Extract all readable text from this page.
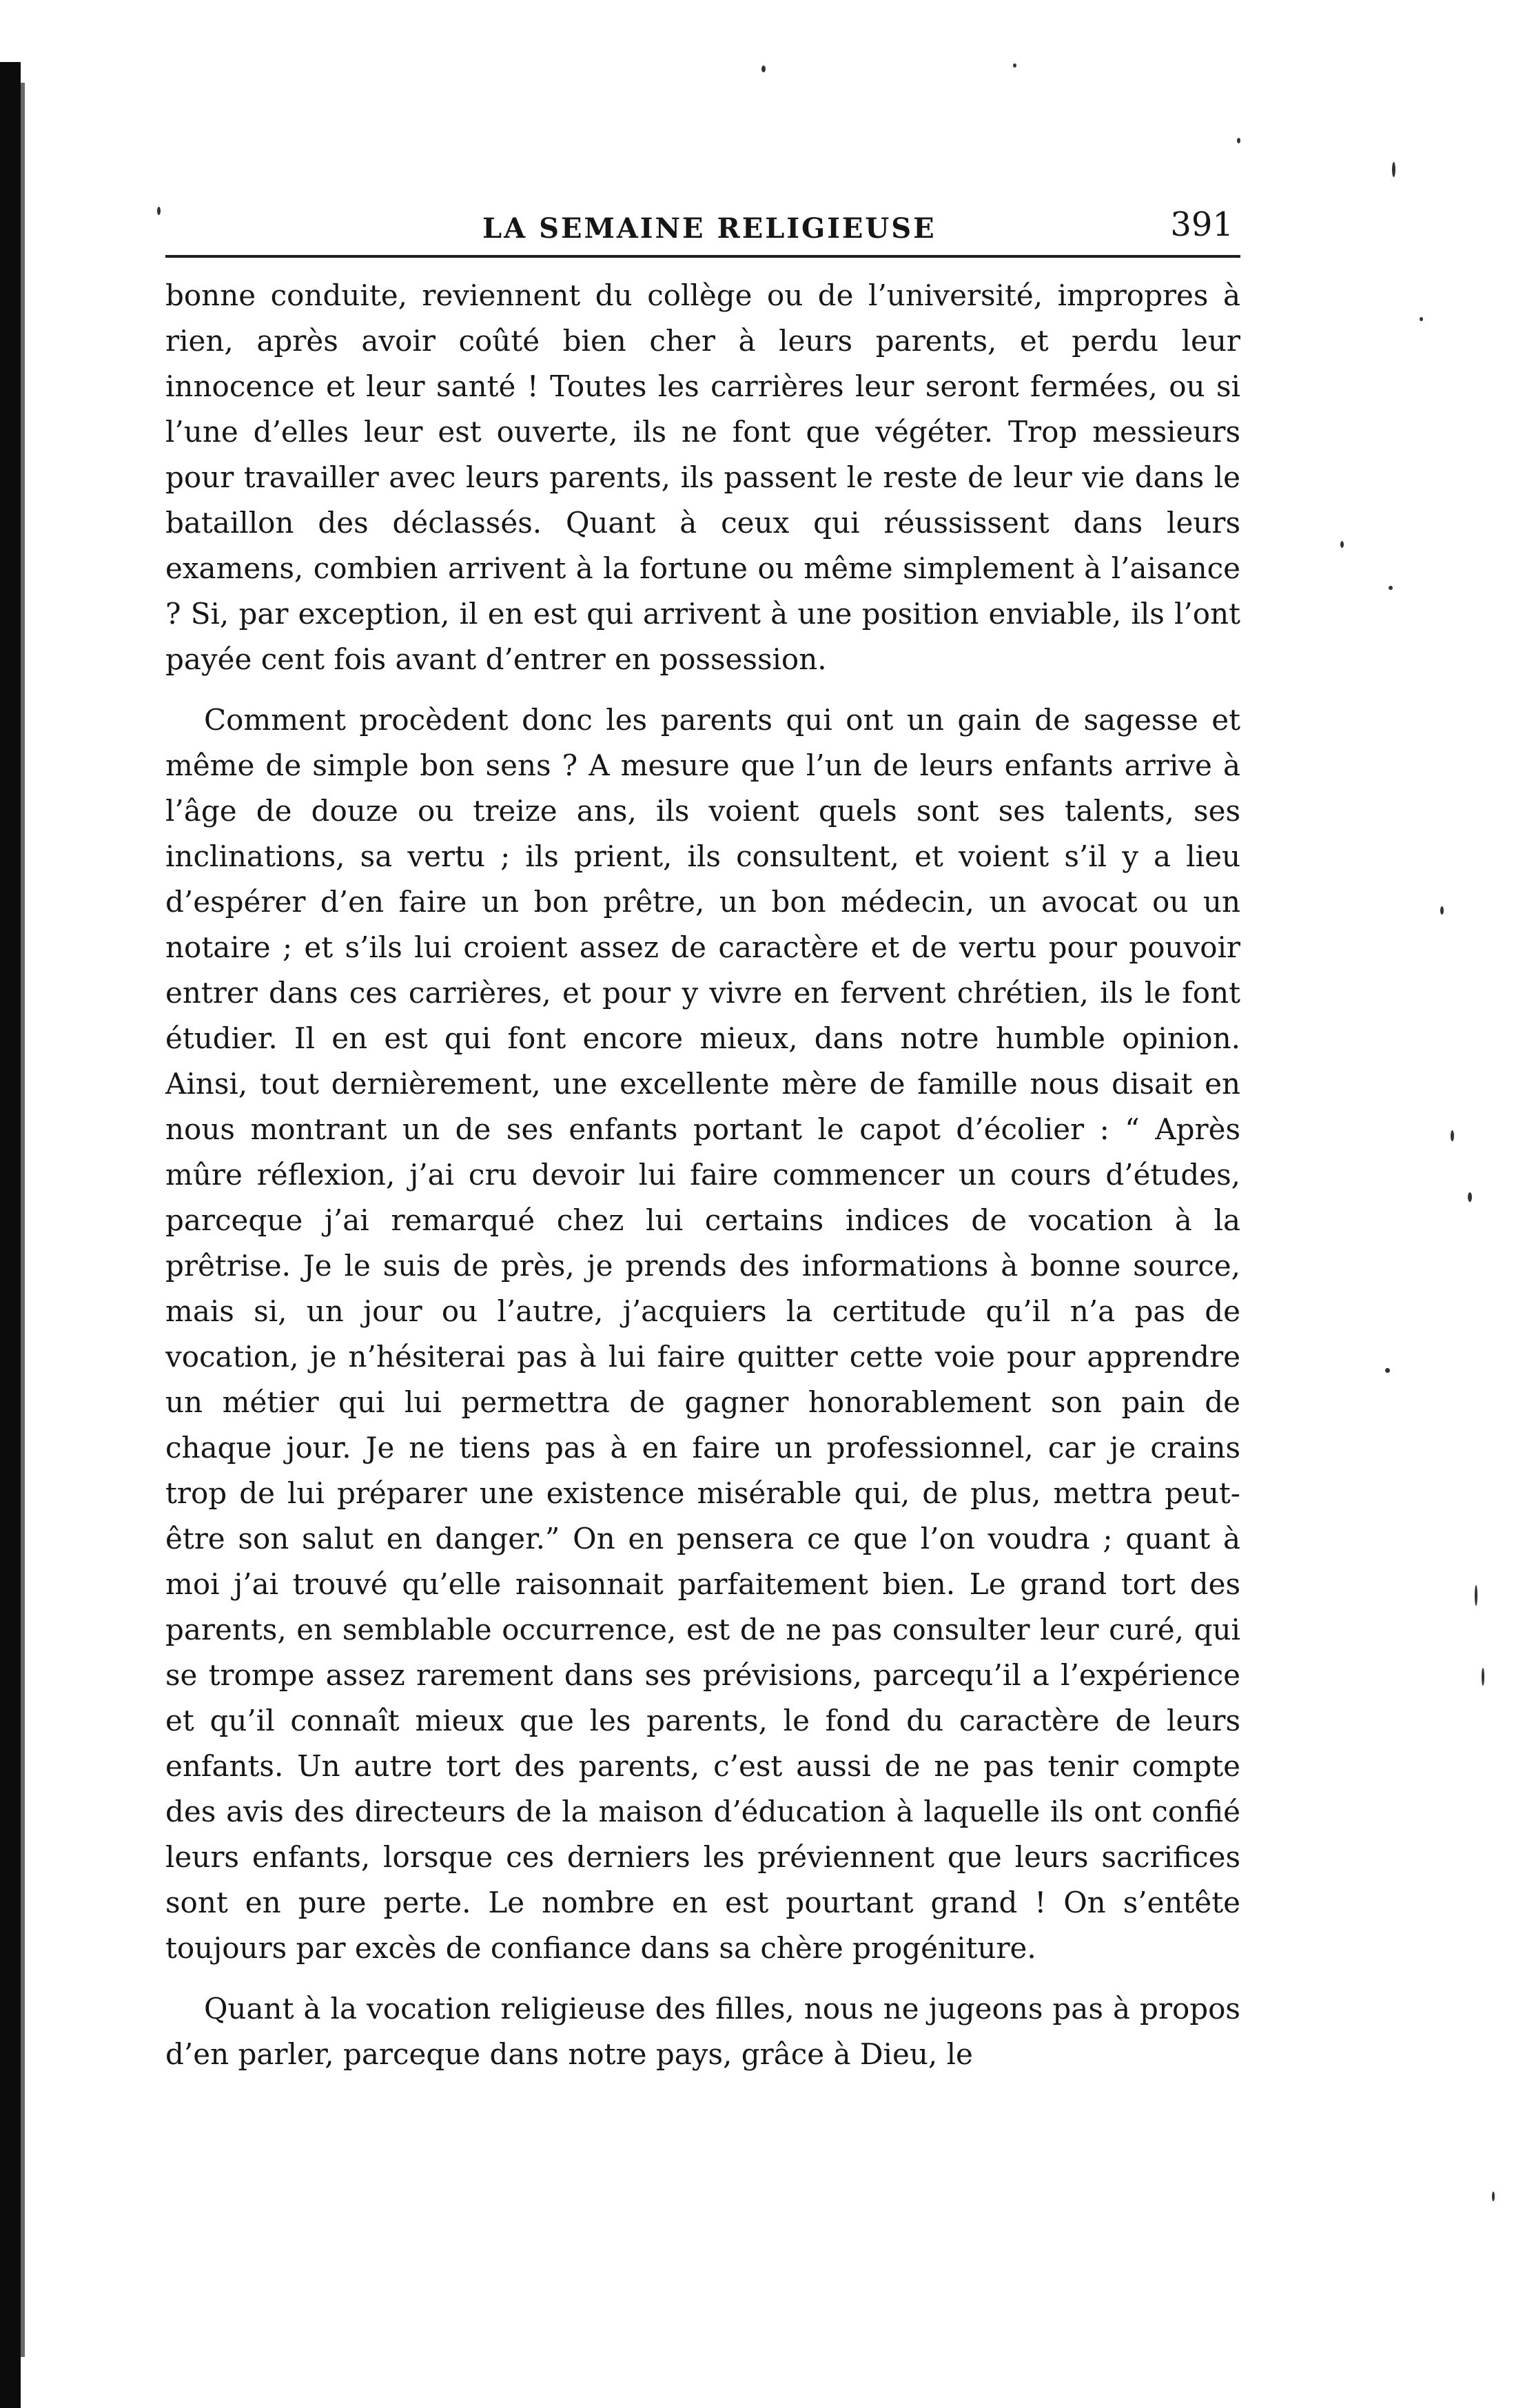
LA SEMAINE RELIGIEUSE	391

bonne conduite, reviennent du collège ou de l’université, impropres à rien, après avoir coûté bien cher à leurs parents, et perdu leur innocence et leur santé ! Toutes les carrières leur seront fermées, ou si l’une d’elles leur est ouverte, ils ne font que végéter. Trop messieurs pour travailler avec leurs parents, ils passent le reste de leur vie dans le bataillon des déclassés. Quant à ceux qui réussissent dans leurs examens, combien arrivent à la fortune ou même simplement à l’aisance ? Si, par exception, il en est qui arrivent à une position enviable, ils l’ont payée cent fois avant d’entrer en possession.

Comment procèdent donc les parents qui ont un gain de sagesse et même de simple bon sens ? A mesure que l’un de leurs enfants arrive à l’âge de douze ou treize ans, ils voient quels sont ses talents, ses inclinations, sa vertu ; ils prient, ils consultent, et voient s’il y a lieu d’espérer d’en faire un bon prêtre, un bon médecin, un avocat ou un notaire ; et s’ils lui croient assez de caractère et de vertu pour pouvoir entrer dans ces carrières, et pour y vivre en fervent chrétien, ils le font étudier. Il en est qui font encore mieux, dans notre humble opinion. Ainsi, tout dernièrement, une excellente mère de famille nous disait en nous montrant un de ses enfants portant le capot d’écolier : “ Après mûre réflexion, j’ai cru devoir lui faire commencer un cours d’études, parceque j’ai remarqué chez lui certains indices de vocation à la prêtrise. Je le suis de près, je prends des informations à bonne source, mais si, un jour ou l’autre, j’acquiers la certitude qu’il n’a pas de vocation, je n’hésiterai pas à lui faire quitter cette voie pour apprendre un métier qui lui permettra de gagner honorablement son pain de chaque jour. Je ne tiens pas à en faire un professionnel, car je crains trop de lui préparer une existence misérable qui, de plus, mettra peut-être son salut en danger.” On en pensera ce que l’on voudra ; quant à moi j’ai trouvé qu’elle raisonnait parfaitement bien. Le grand tort des parents, en semblable occurrence, est de ne pas consulter leur curé, qui se trompe assez rarement dans ses prévisions, parcequ’il a l’expérience et qu’il connaît mieux que les parents, le fond du caractère de leurs enfants. Un autre tort des parents, c’est aussi de ne pas tenir compte des avis des directeurs de la maison d’éducation à laquelle ils ont confié leurs enfants, lorsque ces derniers les préviennent que leurs sacrifices sont en pure perte. Le nombre en est pourtant grand ! On s’entête toujours par excès de confiance dans sa chère progéniture.

Quant à la vocation religieuse des filles, nous ne jugeons pas à propos d’en parler, parceque dans notre pays, grâce à Dieu, le
